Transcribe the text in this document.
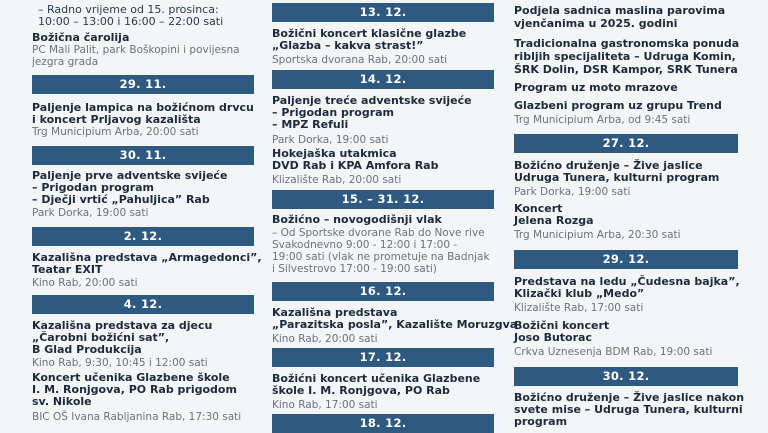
– Radno vrijeme od 15. prosinca:
10:00 – 13:00 i 16:00 – 22:00 sati
Božična čarolija
PC Mali Palit, park Boškopini i povijesna
jezgra grada
29. 11.
Paljenje lampica na božićnom drvcu
i koncert Prljavog kazališta
Trg Municipium Arba, 20:00 sati
30. 11.
Paljenje prve adventske svijeće
– Prigodan program
– Dječji vrtić „Pahuljica” Rab
Park Dorka, 19:00 sati
2. 12.
Kazališna predstava „Armagedonci”,
Teatar EXIT
Kino Rab, 20:00 sati
4. 12.
Kazališna predstava za djecu
„Čarobni božićni sat”,
B Glad Produkcija
Kino Rab, 9:30, 10:45 i 12:00 sati
Koncert učenika Glazbene škole
I. M. Ronjgova, PO Rab prigodom
sv. Nikole
BIC OŠ Ivana Rabljanina Rab, 17:30 sati
13. 12.
Božični koncert klasične glazbe
„Glazba – kakva strast!”
Sportska dvorana Rab, 20:00 sati
14. 12.
Paljenje treće adventske svijeće
– Prigodan program
– MPZ Refuli
Park Dorka, 19:00 sati
Hokejaška utakmica
DVD Rab i KPA Amfora Rab
Klizalište Rab, 20:00 sati
15. – 31. 12.
Božićno – novogodišnji vlak
– Od Sportske dvorane Rab do Nove rive
Svakodnevno 9:00 - 12:00 i 17:00 -
19:00 sati (vlak ne prometuje na Badnjak
i Silvestrovo 17:00 - 19:00 sati)
16. 12.
Kazališna predstava
„Parazitska posla”, Kazalište Moruzgva
Kino Rab, 20:00 sati
17. 12.
Božićni koncert učenika Glazbene
škole I. M. Ronjgova, PO Rab
Kino Rab, 17:00 sati
18. 12.
Podjela sadnica maslina parovima
vjenčanima u 2025. godini
Tradicionalna gastronomska ponuda
ribljih specijaliteta – Udruga Komin,
ŠRK Dolin, DSR Kampor, SRK Tunera
Program uz moto mrazove
Glazbeni program uz grupu Trend
Trg Municipium Arba, od 9:45 sati
27. 12.
Božićno druženje – Žive jaslice
Udruga Tunera, kulturni program
Park Dorka, 19:00 sati
Koncert
Jelena Rozga
Trg Municipium Arba, 20:30 sati
29. 12.
Predstava na ledu „Čudesna bajka”,
Klizački klub „Medo”
Klizalište Rab, 17:00 sati
Božični koncert
Joso Butorac
Crkva Uznesenja BDM Rab, 19:00 sati
30. 12.
Božićno druženje – Žive jaslice nakon
svete mise – Udruga Tunera, kulturni
program
